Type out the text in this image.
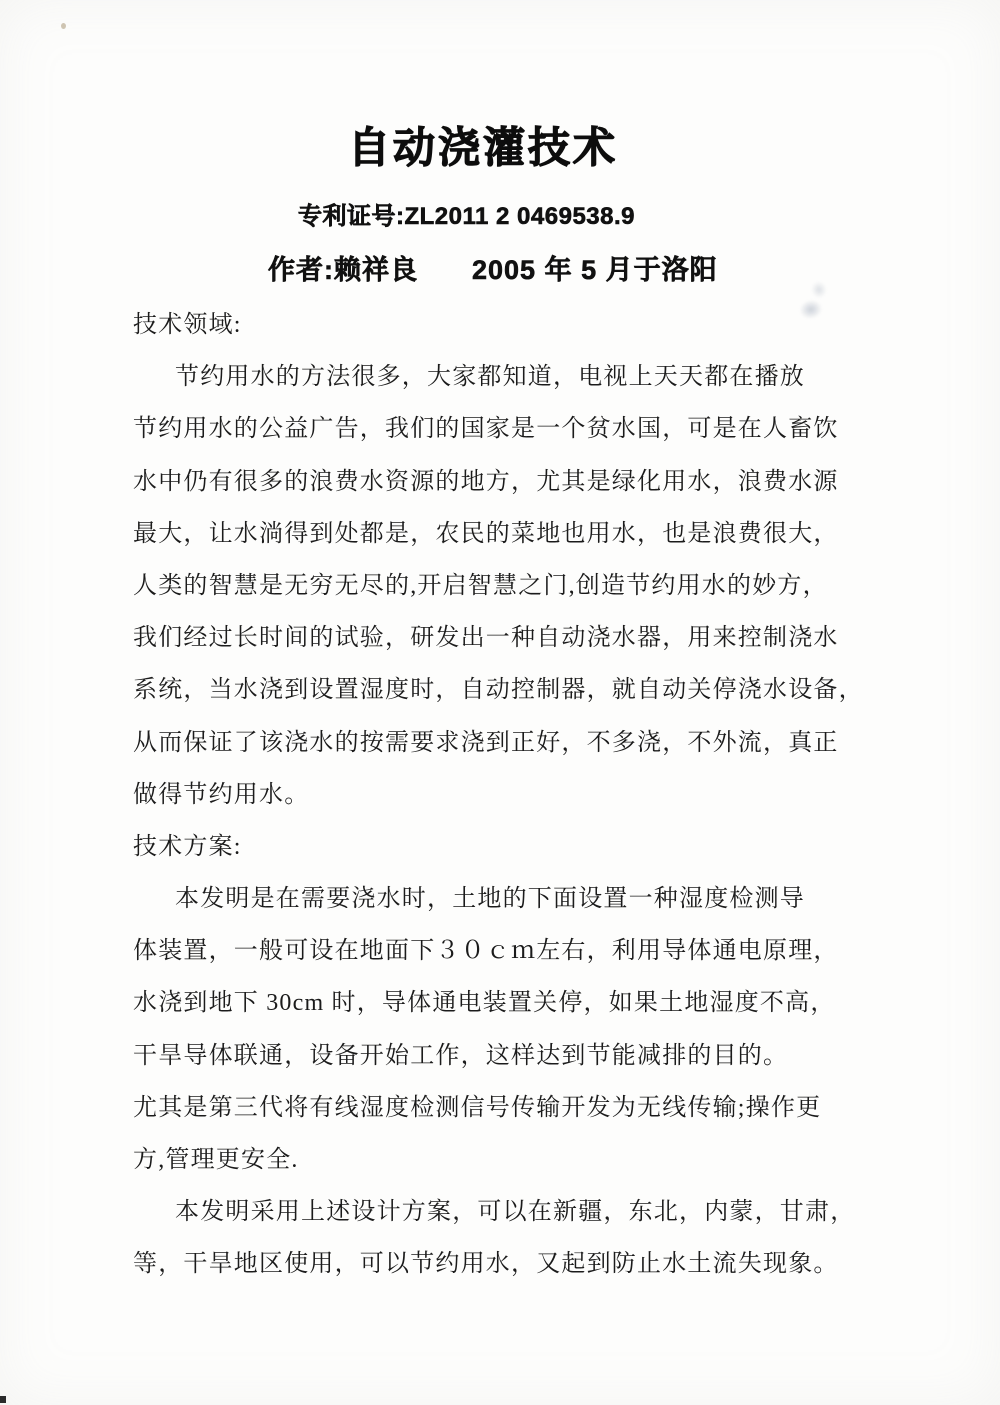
自动浇灌技术
专利证号:ZL2011 2 0469538.9
作者:赖祥良 2005 年 5 月于洛阳
技术领域:
节约用水的方法很多，大家都知道，电视上天天都在播放
节约用水的公益广告，我们的国家是一个贫水国，可是在人畜饮
水中仍有很多的浪费水资源的地方，尤其是绿化用水，浪费水源
最大，让水淌得到处都是，农民的菜地也用水，也是浪费很大，
人类的智慧是无穷无尽的,开启智慧之门,创造节约用水的妙方，
我们经过长时间的试验，研发出一种自动浇水器，用来控制浇水
系统，当水浇到设置湿度时，自动控制器，就自动关停浇水设备，
从而保证了该浇水的按需要求浇到正好，不多浇，不外流，真正
做得节约用水。
技术方案:
本发明是在需要浇水时，土地的下面设置一种湿度检测导
体装置，一般可设在地面下３０ｃｍ左右，利用导体通电原理，
水浇到地下 30cm 时，导体通电装置关停，如果土地湿度不高，
干旱导体联通，设备开始工作，这样达到节能减排的目的。
尤其是第三代将有线湿度检测信号传输开发为无线传输;操作更
方,管理更安全.
本发明采用上述设计方案，可以在新疆，东北，内蒙，甘肃，
等，干旱地区使用，可以节约用水，又起到防止水土流失现象。
